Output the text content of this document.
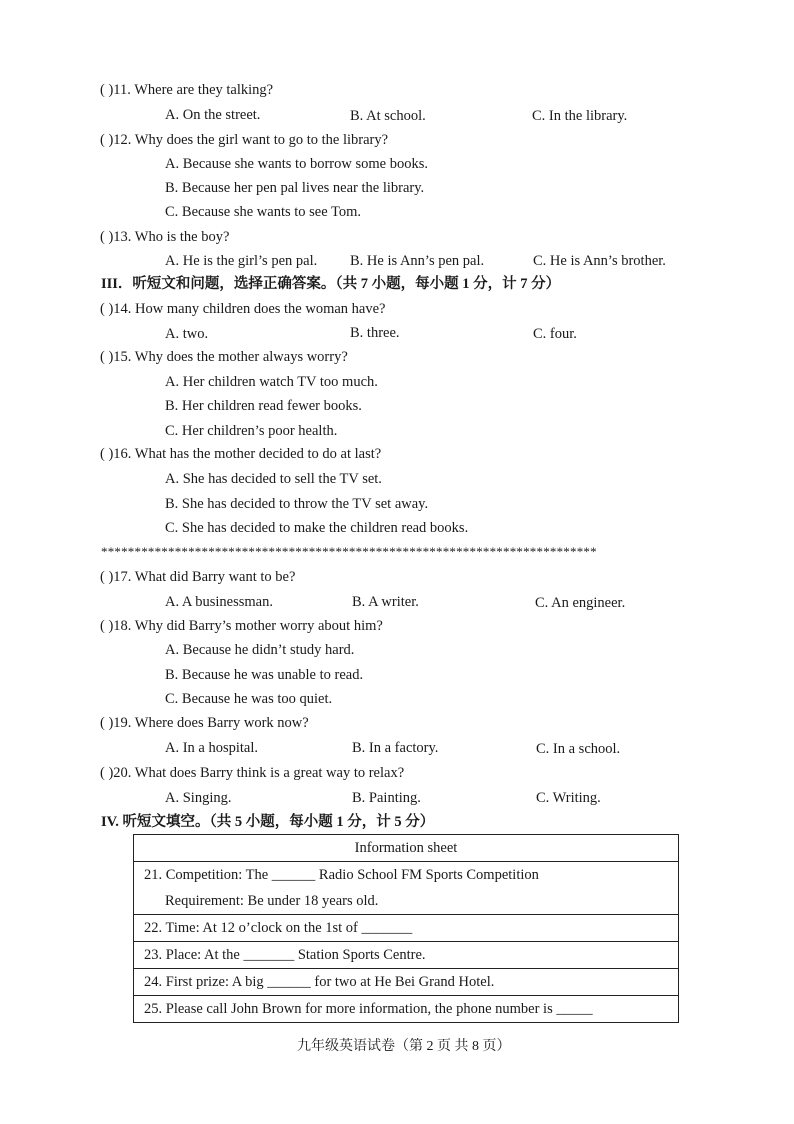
( )11. Where are they talking?
A. On the street.	B. At school.	C. In the library.
( )12. Why does the girl want to go to the library?
A. Because she wants to borrow some books.
B. Because her pen pal lives near the library.
C. Because she wants to see Tom.
( )13. Who is the boy?
A. He is the girl’s pen pal. B. He is Ann’s pen pal.	C. He is Ann’s brother.
III．听短文和问题，选择正确答案。（共 7 小题，每小题 1 分，计 7 分）
( )14. How many children does the woman have?
A. two.	B. three.	C. four.
( )15. Why does the mother always worry?
A. Her children watch TV too much.
B. Her children read fewer books.
C. Her children’s poor health.
( )16. What has the mother decided to do at last?
A. She has decided to sell the TV set.
B. She has decided to throw the TV set away.
C. She has decided to make the children read books.
**************************************************************************
( )17. What did Barry want to be?
A. A businessman.	B. A writer.	C. An engineer.
( )18. Why did Barry’s mother worry about him?
A. Because he didn’t study hard.
B. Because he was unable to read.
C. Because he was too quiet.
( )19. Where does Barry work now?
A. In a hospital.	B. In a factory.	C. In a school.
( )20. What does Barry think is a great way to relax?
A. Singing.	B. Painting.	C. Writing.
IV. 听短文填空。（共 5 小题，每小题 1 分，计 5 分）
Information sheet
21. Competition: The ______ Radio School FM Sports Competition
Requirement: Be under 18 years old.
22. Time: At 12 o’clock on the 1st of _______
23. Place: At the _______ Station Sports Centre.
24. First prize: A big ______ for two at He Bei Grand Hotel.
25. Please call John Brown for more information, the phone number is _____
九年级英语试卷（第 2 页 共 8 页）
